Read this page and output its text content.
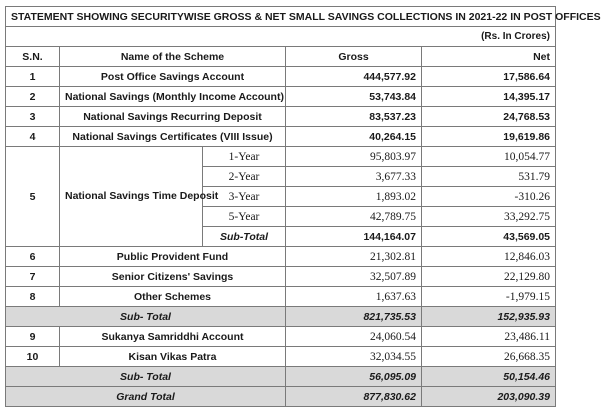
STATEMENT SHOWING SECURITYWISE GROSS & NET SMALL SAVINGS COLLECTIONS IN 2021-22 IN POST OFFICES				
(Rs. In Crores)				
S.N.	Name of the Scheme		Gross	Net
1	Post Office Savings Account		444,577.92	17,586.64
2	National Savings (Monthly Income Account)		53,743.84	14,395.17
3	National Savings Recurring Deposit		83,537.23	24,768.53
4	National Savings Certificates (VIII Issue)		40,264.15	19,619.86
5	National Savings Time Deposit	1-Year	95,803.97	10,054.77
		2-Year	3,677.33	531.79
		3-Year	1,893.02	-310.26
		5-Year	42,789.75	33,292.75
		Sub-Total	144,164.07	43,569.05
6	Public Provident Fund		21,302.81	12,846.03
7	Senior Citizens' Savings		32,507.89	22,129.80
8	Other Schemes		1,637.63	-1,979.15
Sub- Total			821,735.53	152,935.93
9	Sukanya Samriddhi Account		24,060.54	23,486.11
10	Kisan Vikas Patra		32,034.55	26,668.35
Sub- Total			56,095.09	50,154.46
Grand Total			877,830.62	203,090.39
